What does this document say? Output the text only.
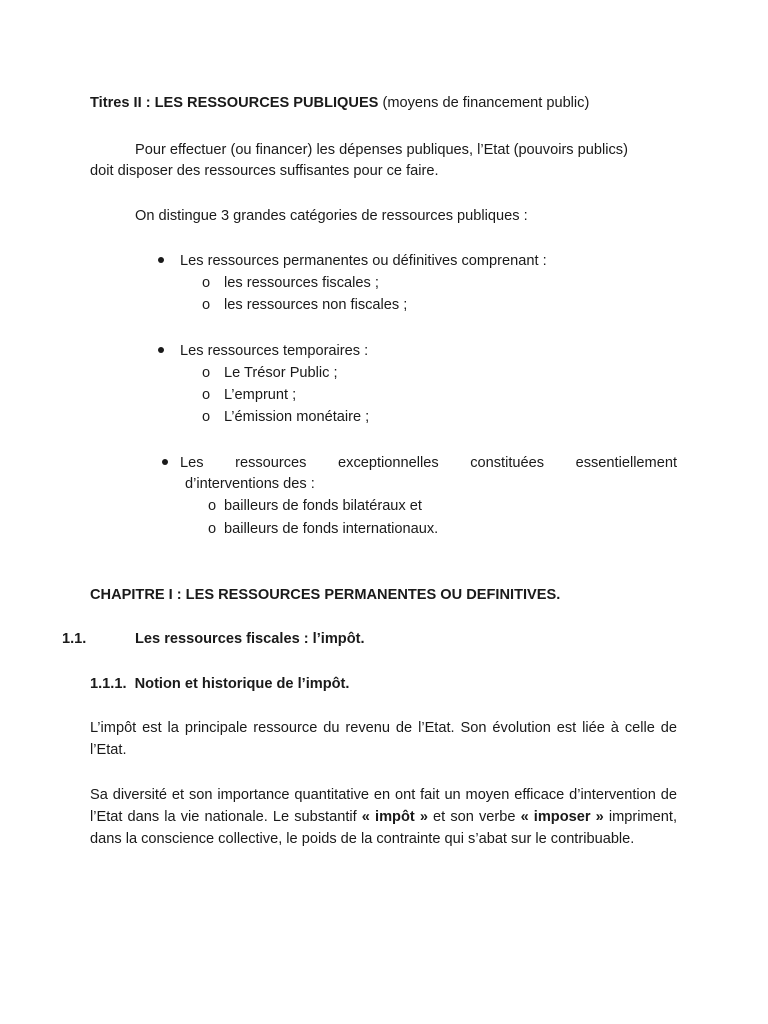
Titres II : LES RESSOURCES PUBLIQUES (moyens de financement public)
Pour effectuer (ou financer) les dépenses publiques, l’Etat (pouvoirs publics)
doit disposer des ressources suffisantes pour ce faire.
On distingue 3 grandes catégories de ressources publiques :
Les ressources permanentes ou définitives comprenant :
o les ressources fiscales ;
o les ressources non fiscales ;
Les ressources temporaires :
o Le Trésor Public ;
o L’emprunt ;
o L’émission monétaire ;
Les ressources exceptionnelles constituées essentiellement
d’interventions des :
o bailleurs de fonds bilatéraux et
o bailleurs de fonds internationaux.
CHAPITRE I : LES RESSOURCES PERMANENTES OU DEFINITIVES.
1.1.	Les ressources fiscales : l’impôt.
1.1.1.  Notion et historique de l’impôt.
L’impôt est la principale ressource du revenu de l’Etat. Son évolution est liée à celle de l’Etat.
Sa diversité et son importance quantitative en ont fait un moyen efficace d’intervention de l’Etat dans la vie nationale. Le substantif « impôt » et son verbe « imposer » impriment, dans la conscience collective, le poids de la contrainte qui s’abat sur le contribuable.
